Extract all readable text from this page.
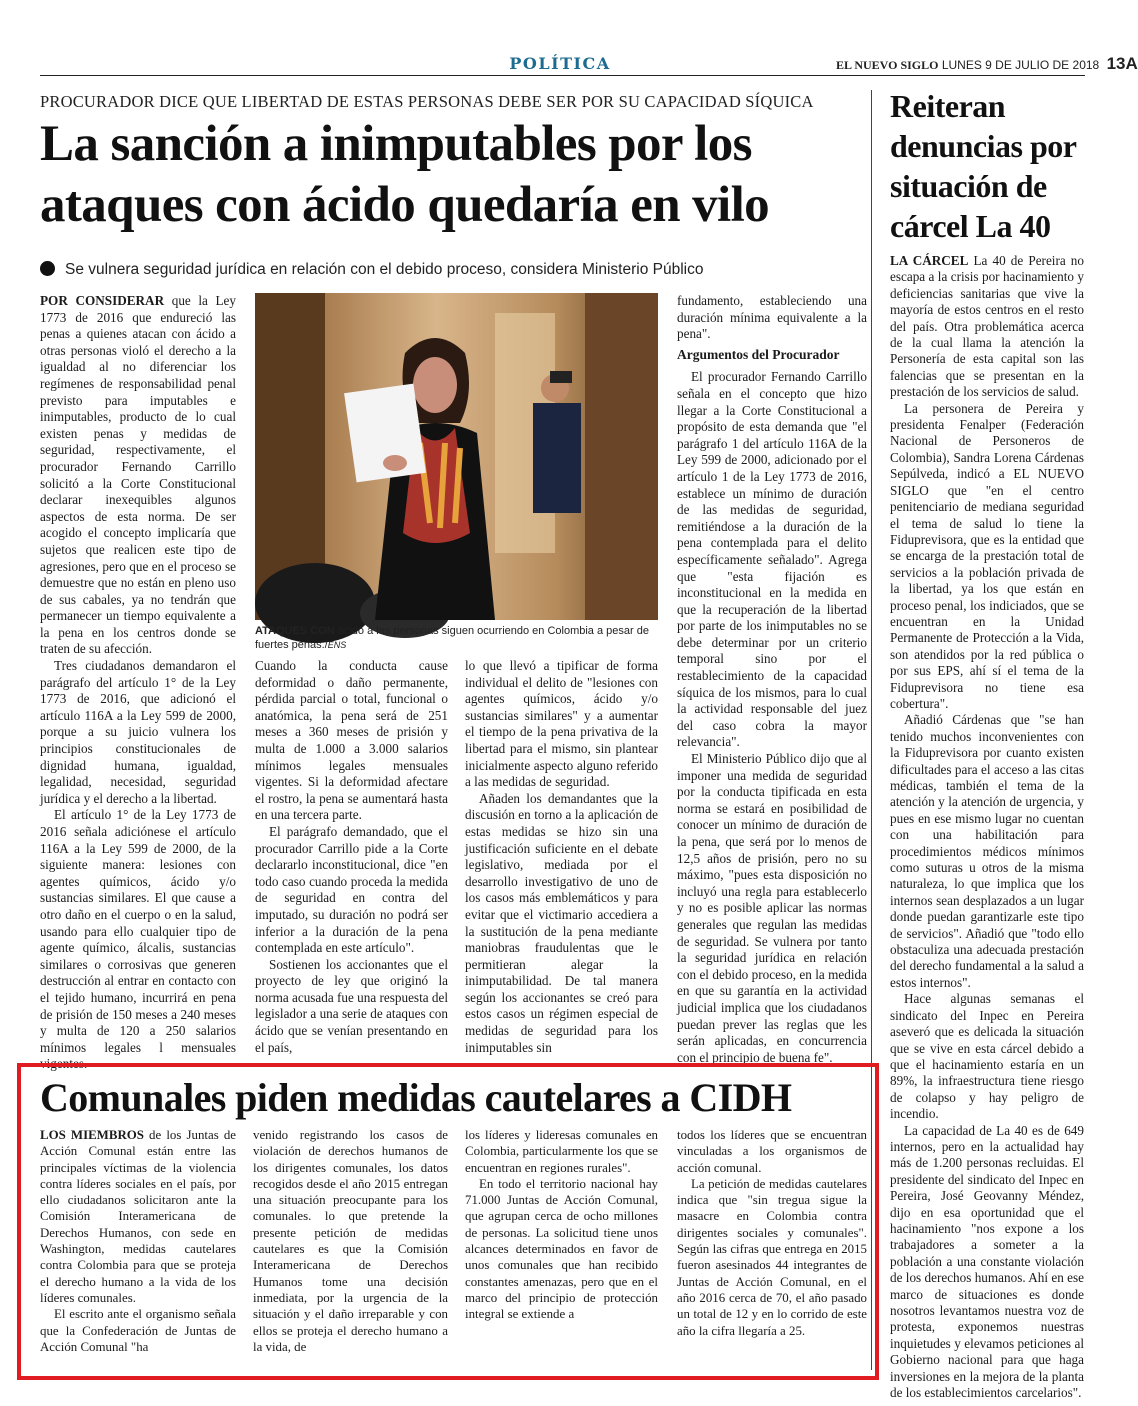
POLÍTICA	EL NUEVO SIGLO LUNES 9 DE JULIO DE 2018 13A
PROCURADOR DICE QUE LIBERTAD DE ESTAS PERSONAS DEBE SER POR SU CAPACIDAD SÍQUICA
La sanción a inimputables por los ataques con ácido quedaría en vilo
Se vulnera seguridad jurídica en relación con el debido proceso, considera Ministerio Público

POR CONSIDERAR que la Ley 1773 de 2016 que endureció las penas a quienes atacan con ácido a otras personas violó el derecho a la igualdad al no diferenciar los regímenes de responsabilidad penal previsto para imputables e inimputables, producto de lo cual existen penas y medidas de seguridad, respectivamente, el procurador Fernando Carrillo solicitó a la Corte Constitucional declarar inexequibles algunos aspectos de esta norma. De ser acogido el concepto implicaría que sujetos que realicen este tipo de agresiones, pero que en el proceso se demuestre que no están en pleno uso de sus cabales, ya no tendrán que permanecer un tiempo equivalente a la pena en los centros donde se traten de su afección.

Tres ciudadanos demandaron el parágrafo del artículo 1° de la Ley 1773 de 2016, que adicionó el artículo 116A a la Ley 599 de 2000, porque a su juicio vulnera los principios constitucionales de dignidad humana, igualdad, legalidad, necesidad, seguridad jurídica y el derecho a la libertad.

El artículo 1° de la Ley 1773 de 2016 señala adiciónese el artículo 116A a la Ley 599 de 2000, de la siguiente manera: lesiones con agentes químicos, ácido y/o sustancias similares. El que cause a otro daño en el cuerpo o en la salud, usando para ello cualquier tipo de agente químico, álcalis, sustancias similares o corrosivas que generen destrucción al entrar en contacto con el tejido humano, incurrirá en pena de prisión de 150 meses a 240 meses y multa de 120 a 250 salarios mínimos legales l mensuales vigentes.

ATAQUES CON ácido a las personas siguen ocurriendo en Colombia a pesar de fuertes penas./ENS

Cuando la conducta cause deformidad o daño permanente, pérdida parcial o total, funcional o anatómica, la pena será de 251 meses a 360 meses de prisión y multa de 1.000 a 3.000 salarios mínimos legales mensuales vigentes. Si la deformidad afectare el rostro, la pena se aumentará hasta en una tercera parte.

El parágrafo demandado, que el procurador Carrillo pide a la Corte declararlo inconstitucional, dice "en todo caso cuando proceda la medida de seguridad en contra del imputado, su duración no podrá ser inferior a la duración de la pena contemplada en este artículo".

Sostienen los accionantes que el proyecto de ley que originó la norma acusada fue una respuesta del legislador a una serie de ataques con ácido que se venían presentando en el país,

lo que llevó a tipificar de forma individual el delito de "lesiones con agentes químicos, ácido y/o sustancias similares" y a aumentar el tiempo de la pena privativa de la libertad para el mismo, sin plantear inicialmente aspecto alguno referido a las medidas de seguridad.

Añaden los demandantes que la discusión en torno a la aplicación de estas medidas se hizo sin una justificación suficiente en el debate legislativo, mediada por el desarrollo investigativo de uno de los casos más emblemáticos y para evitar que el victimario accediera a la sustitución de la pena mediante maniobras fraudulentas que le permitieran alegar la inimputabilidad. De tal manera según los accionantes se creó para estos casos un régimen especial de medidas de seguridad para los inimputables sin

fundamento, estableciendo una duración mínima equivalente a la pena".

Argumentos del Procurador

El procurador Fernando Carrillo señala en el concepto que hizo llegar a la Corte Constitucional a propósito de esta demanda que "el parágrafo 1 del artículo 116A de la Ley 599 de 2000, adicionado por el artículo 1 de la Ley 1773 de 2016, establece un mínimo de duración de las medidas de seguridad, remitiéndose a la duración de la pena contemplada para el delito específicamente señalado". Agrega que "esta fijación es inconstitucional en la medida en que la recuperación de la libertad por parte de los inimputables no se debe determinar por un criterio temporal sino por el restablecimiento de la capacidad síquica de los mismos, para lo cual la actividad responsable del juez del caso cobra la mayor relevancia".

El Ministerio Público dijo que al imponer una medida de seguridad por la conducta tipificada en esta norma se estará en posibilidad de conocer un mínimo de duración de la pena, que será por lo menos de 12,5 años de prisión, pero no su máximo, "pues esta disposición no incluyó una regla para establecerlo y no es posible aplicar las normas generales que regulan las medidas de seguridad. Se vulnera por tanto la seguridad jurídica en relación con el debido proceso, en la medida en que su garantía en la actividad judicial implica que los ciudadanos puedan prever las reglas que les serán aplicadas, en concurrencia con el principio de buena fe".

Reiteran denuncias por situación de cárcel La 40

LA CÁRCEL La 40 de Pereira no escapa a la crisis por hacinamiento y deficiencias sanitarias que vive la mayoría de estos centros en el resto del país. Otra problemática acerca de la cual llama la atención la Personería de esta capital son las falencias que se presentan en la prestación de los servicios de salud.

La personera de Pereira y presidenta Fenalper (Federación Nacional de Personeros de Colombia), Sandra Lorena Cárdenas Sepúlveda, indicó a EL NUEVO SIGLO que "en el centro penitenciario de mediana seguridad el tema de salud lo tiene la Fiduprevisora, que es la entidad que se encarga de la prestación total de servicios a la población privada de la libertad, ya los que están en proceso penal, los indiciados, que se encuentran en la Unidad Permanente de Protección a la Vida, son atendidos por la red pública o por sus EPS, ahí sí el tema de la Fiduprevisora no tiene esa cobertura".

Añadió Cárdenas que "se han tenido muchos inconvenientes con la Fiduprevisora por cuanto existen dificultades para el acceso a las citas médicas, también el tema de la atención y la atención de urgencia, y pues en ese mismo lugar no cuentan con una habilitación para procedimientos médicos mínimos como suturas u otros de la misma naturaleza, lo que implica que los internos sean desplazados a un lugar donde puedan garantizarle este tipo de servicios". Añadió que "todo ello obstaculiza una adecuada prestación del derecho fundamental a la salud a estos internos".

Hace algunas semanas el sindicato del Inpec en Pereira aseveró que es delicada la situación que se vive en esta cárcel debido a que el hacinamiento estaría en un 89%, la infraestructura tiene riesgo de colapso y hay peligro de incendio.

La capacidad de La 40 es de 649 internos, pero en la actualidad hay más de 1.200 personas recluidas. El presidente del sindicato del Inpec en Pereira, José Geovanny Méndez, dijo en esa oportunidad que el hacinamiento "nos expone a los trabajadores a someter a la población a una constante violación de los derechos humanos. Ahí en ese marco de situaciones es donde nosotros levantamos nuestra voz de protesta, exponemos nuestras inquietudes y elevamos peticiones al Gobierno nacional para que haga inversiones en la mejora de la planta de los establecimientos carcelarios".

Comunales piden medidas cautelares a CIDH

LOS MIEMBROS de los Juntas de Acción Comunal están entre las principales víctimas de la violencia contra líderes sociales en el país, por ello ciudadanos solicitaron ante la Comisión Interamericana de Derechos Humanos, con sede en Washington, medidas cautelares contra Colombia para que se proteja el derecho humano a la vida de los líderes comunales.

El escrito ante el organismo señala que la Confederación de Juntas de Acción Comunal "ha

venido registrando los casos de violación de derechos humanos de los dirigentes comunales, los datos recogidos desde el año 2015 entregan una situación preocupante para los comunales. lo que pretende la presente petición de medidas cautelares es que la Comisión Interamericana de Derechos Humanos tome una decisión inmediata, por la urgencia de la situación y el daño irreparable y con ellos se proteja el derecho humano a la vida, de

los líderes y lideresas comunales en Colombia, particularmente los que se encuentran en regiones rurales".

En todo el territorio nacional hay 71.000 Juntas de Acción Comunal, que agrupan cerca de ocho millones de personas. La solicitud tiene unos alcances determinados en favor de unos comunales que han recibido constantes amenazas, pero que en el marco del principio de protección integral se extiende a

todos los líderes que se encuentran vinculadas a los organismos de acción comunal.

La petición de medidas cautelares indica que "sin tregua sigue la masacre en Colombia contra dirigentes sociales y comunales". Según las cifras que entrega en 2015 fueron asesinados 44 integrantes de Juntas de Acción Comunal, en el año 2016 cerca de 70, el año pasado un total de 12 y en lo corrido de este año la cifra llegaría a 25.
